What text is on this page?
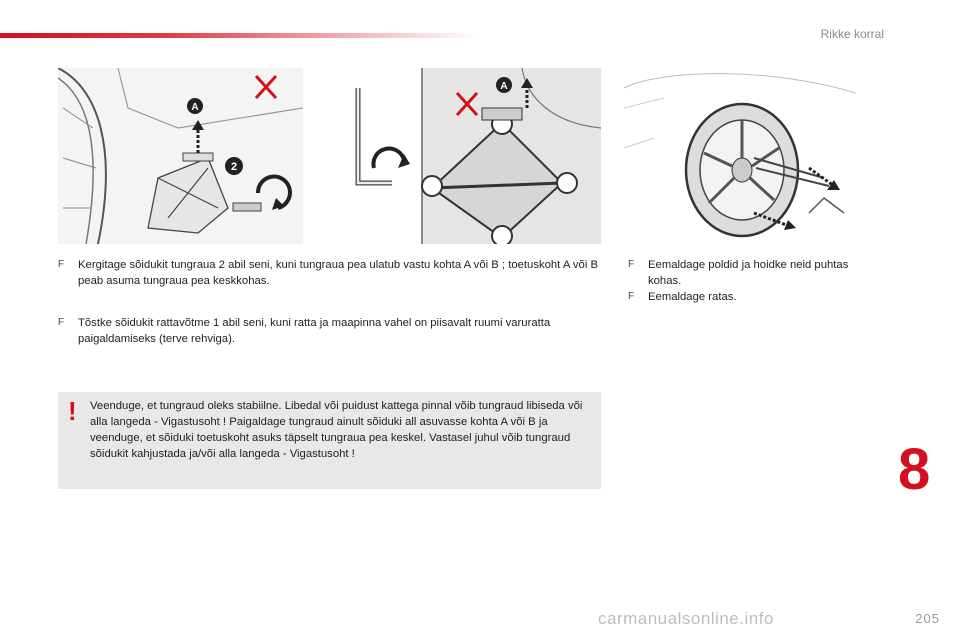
Rikke korral
A
2
A
F	Kergitage sõidukit tungraua 2 abil seni, kuni tungraua pea ulatub vastu kohta A või B ; toetuskoht A või B peab asuma tungraua pea keskkohas.
F	Tõstke sõidukit rattavõtme 1 abil seni, kuni ratta ja maapinna vahel on piisavalt ruumi varuratta paigaldamiseks (terve rehviga).
F	Eemaldage poldid ja hoidke neid puhtas kohas.
F	Eemaldage ratas.
! Veenduge, et tungraud oleks stabiilne. Libedal või puidust kattega pinnal võib tungraud libiseda või alla langeda - Vigastusoht ! Paigaldage tungraud ainult sõiduki all asuvasse kohta A või B ja veenduge, et sõiduki toetuskoht asuks täpselt tungraua pea keskel. Vastasel juhul võib tungraud sõidukit kahjustada ja/või alla langeda - Vigastusoht !	8
205
carmanualsonline.info
